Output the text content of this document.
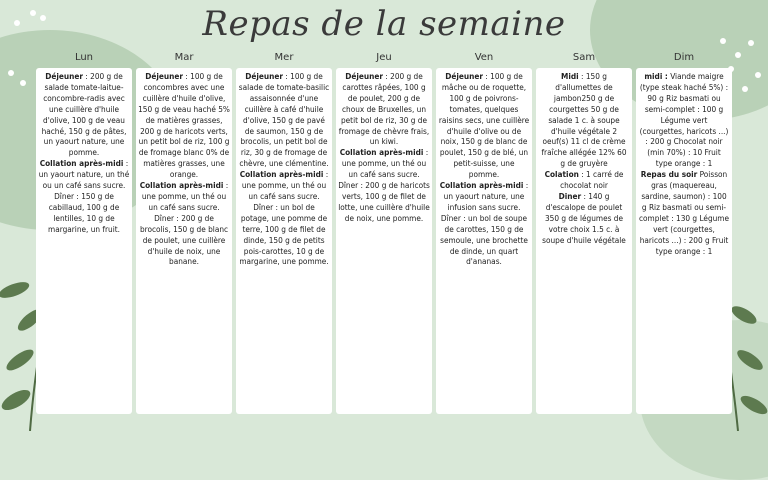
Repas de la semaine
Lun
Déjeuner : 200 g de salade tomate-laitue-concombre-radis avec une cuillère d'huile d'olive, 100 g de veau haché, 150 g de pâtes, un yaourt nature, une pomme.
Collation après-midi : un yaourt nature, un thé ou un café sans sucre.
Dîner : 150 g de cabillaud, 100 g de lentilles, 10 g de margarine, un fruit.
Mar
Déjeuner : 100 g de concombres avec une cuillère d'huile d'olive, 150 g de veau haché 5% de matières grasses, 200 g de haricots verts, un petit bol de riz, 100 g de fromage blanc 0% de matières grasses, une orange.
Collation après-midi : une pomme, un thé ou un café sans sucre.
Dîner : 200 g de brocolis, 150 g de blanc de poulet, une cuillère d'huile de noix, une banane.
Mer
Déjeuner : 100 g de salade de tomate-basilic assaisonnée d'une cuillère à café d'huile d'olive, 150 g de pavé de saumon, 150 g de brocolis, un petit bol de riz, 30 g de fromage de chèvre, une clémentine.
Collation après-midi : une pomme, un thé ou un café sans sucre.
Dîner : un bol de potage, une pomme de terre, 100 g de filet de dinde, 150 g de petits pois-carottes, 10 g de margarine, une pomme.
Jeu
Déjeuner : 200 g de carottes râpées, 100 g de poulet, 200 g de choux de Bruxelles, un petit bol de riz, 30 g de fromage de chèvre frais, un kiwi.
Collation après-midi : une pomme, un thé ou un café sans sucre.
Dîner : 200 g de haricots verts, 100 g de filet de lotte, une cuillère d'huile de noix, une pomme.
Ven
Déjeuner : 100 g de mâche ou de roquette, 100 g de poivrons-tomates, quelques raisins secs, une cuillère d'huile d'olive ou de noix, 150 g de blanc de poulet, 150 g de blé, un petit-suisse, une pomme.
Collation après-midi : un yaourt nature, une infusion sans sucre.
Dîner : un bol de soupe de carottes, 150 g de semoule, une brochette de dinde, un quart d'ananas.
Sam
Midi : 150 g d'allumettes de jambon250 g de courgettes 50 g de salade 1 c. à soupe d'huile végétale 2 oeuf(s) 11 cl de crème fraîche allégée 12% 60 g de gruyère
Colation : 1 carré de chocolat noir
Diner : 140 g d'escalope de poulet 350 g de légumes de votre choix 1.5 c. à soupe d'huile végétale
Dim
midi : Viande maigre (type steak haché 5%) : 90 g Riz basmati ou semi-complet : 100 g Légume vert (courgettes, haricots ...) : 200 g Chocolat noir (min 70%) : 10 Fruit type orange : 1
Repas du soir Poisson gras (maquereau, sardine, saumon) : 100 g Riz basmati ou semi-complet : 130 g Légume vert (courgettes, haricots ...) : 200 g Fruit type orange : 1
